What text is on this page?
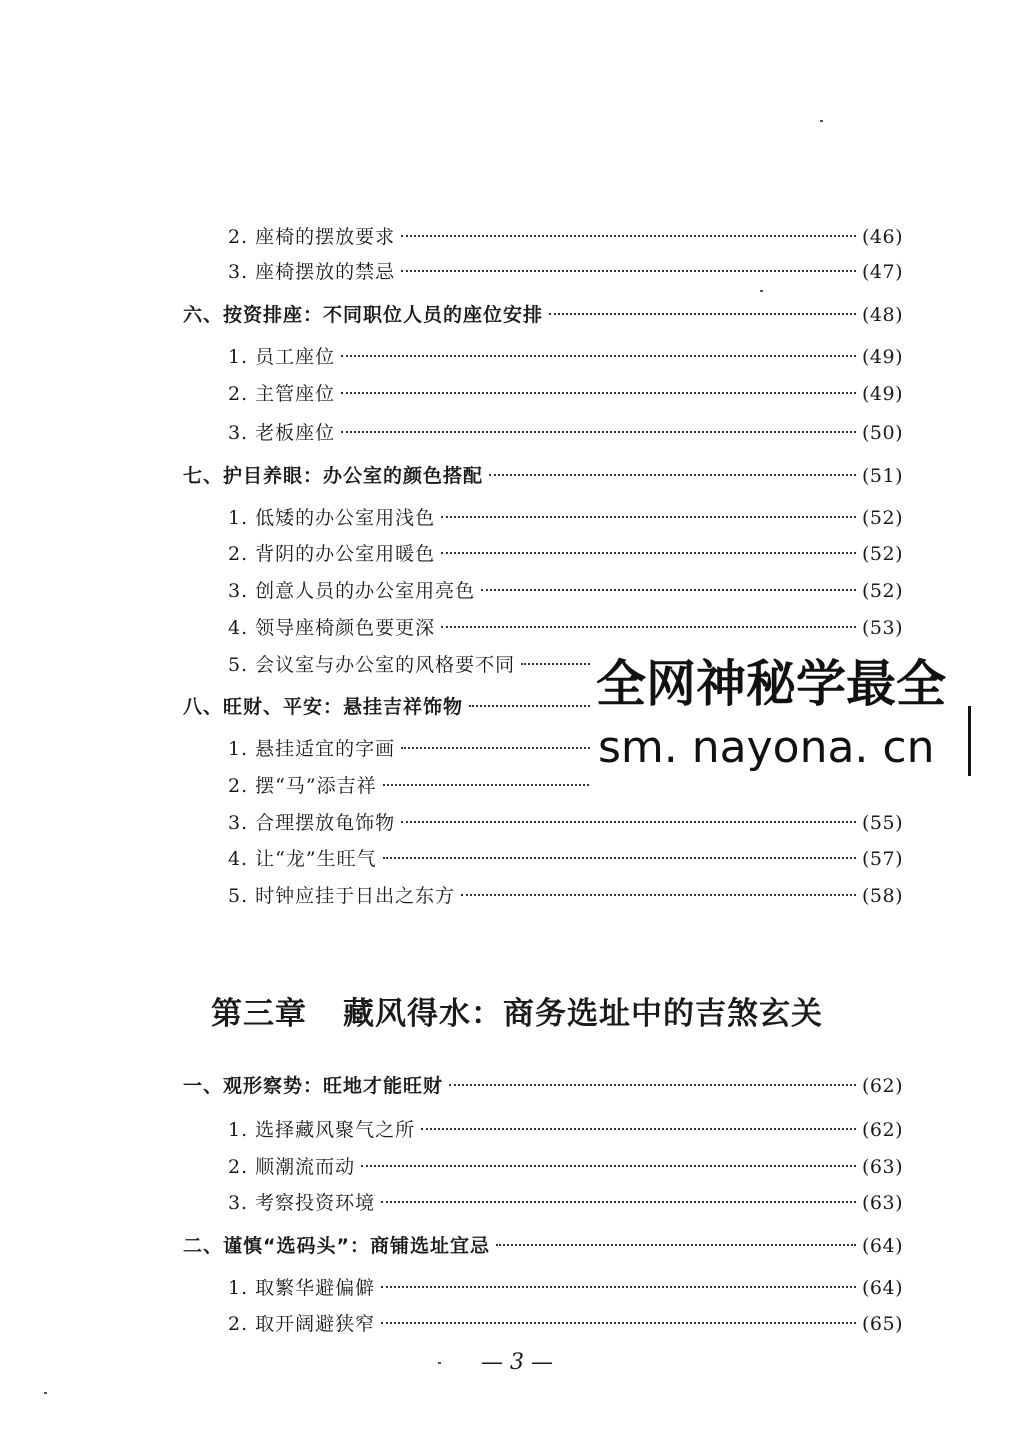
2. 座椅的摆放要求	(46)
3. 座椅摆放的禁忌	(47)
六、按资排座：不同职位人员的座位安排	(48)
1. 员工座位	(49)
2. 主管座位	(49)
3. 老板座位	(50)
七、护目养眼：办公室的颜色搭配	(51)
1. 低矮的办公室用浅色	(52)
2. 背阴的办公室用暖色	(52)
3. 创意人员的办公室用亮色	(52)
4. 领导座椅颜色要更深	(53)
5. 会议室与办公室的风格要不同
八、旺财、平安：悬挂吉祥饰物
1. 悬挂适宜的字画
2. 摆“马”添吉祥
3. 合理摆放龟饰物	(55)
4. 让“龙”生旺气	(57)
5. 时钟应挂于日出之东方	(58)
第三章 藏风得水：商务选址中的吉煞玄关
一、观形察势：旺地才能旺财	(62)
1. 选择藏风聚气之所	(62)
2. 顺潮流而动	(63)
3. 考察投资环境	(63)
二、谨慎“选码头”：商铺选址宜忌	(64)
1. 取繁华避偏僻	(64)
2. 取开阔避狭窄	(65)
全网神秘学最全
sm. nayona. cn
— 3 —
